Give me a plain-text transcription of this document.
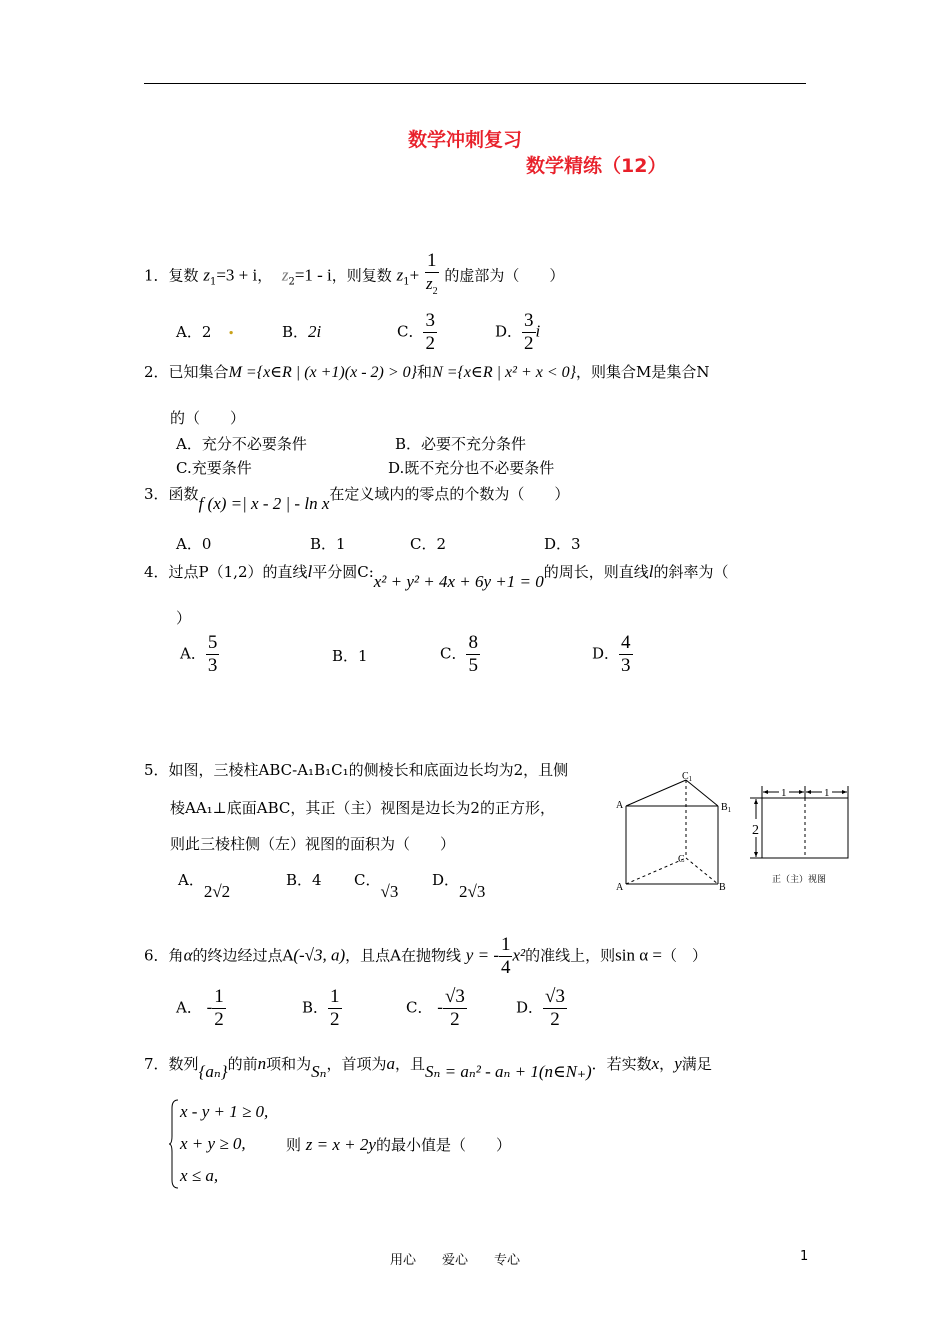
数学冲刺复习
数学精练（12）
1．复数 $z_1=3 + i$， $z_2=1 - i$，则复数 $z_1+ \frac{1}{z_2}$ 的虚部为（　　）
A．2 .	B．2i	C． $\frac{3}{2}$	D． $\frac{3}{2}$ i
2．已知集合M ={x∈R | (x +1)(x - 2) > 0}和N ={x∈R | x² + x < 0}，则集合M是集合N
的（　　）
A．充分不必要条件	B．必要不充分条件
C.充要条件	D.既不充分也不必要条件
3．函数f (x) =| x - 2 | - ln x在定义域内的零点的个数为（　　）
A．0	B．1	C．2	D．3
4．过点P（1,2）的直线l平分圆C:x² + y² + 4x + 6y +1 = 0的周长，则直线l的斜率为（
）
A． $\frac{5}{3}$	B．1	C． $\frac{8}{5}$	D． $\frac{4}{3}$
5．如图，三棱柱ABC-A₁B₁C₁的侧棱长和底面边长均为2，且侧
棱AA₁⊥底面ABC，其正（主）视图是边长为2的正方形，
则此三棱柱侧（左）视图的面积为（　　）
A．2√2
B．4 C．√3
D．2√3
$C_1$
A	$B_1$
C
A	B
1	1
2
正（主）视图
6．角α的终边经过点A(-√3, a)，且点A在抛物线 y = - $\frac{1}{4} x^2$的准线上，则sin α =（　）
A． - $\frac{1}{2}$	B． $\frac{1}{2}$	C． - $\frac{√3}{2}$	D． $\frac{√3}{2}$
7．数列{aₙ}的前n项和为Sₙ，首项为a，且Sₙ = aₙ² - aₙ + 1(n∈N₊)．若实数x，y满足
x - y + 1 ≥ 0,
x + y ≥ 0,
x ≤ a,
则 z = x + 2y的最小值是（　　）
用心　　爱心　　专心	1
